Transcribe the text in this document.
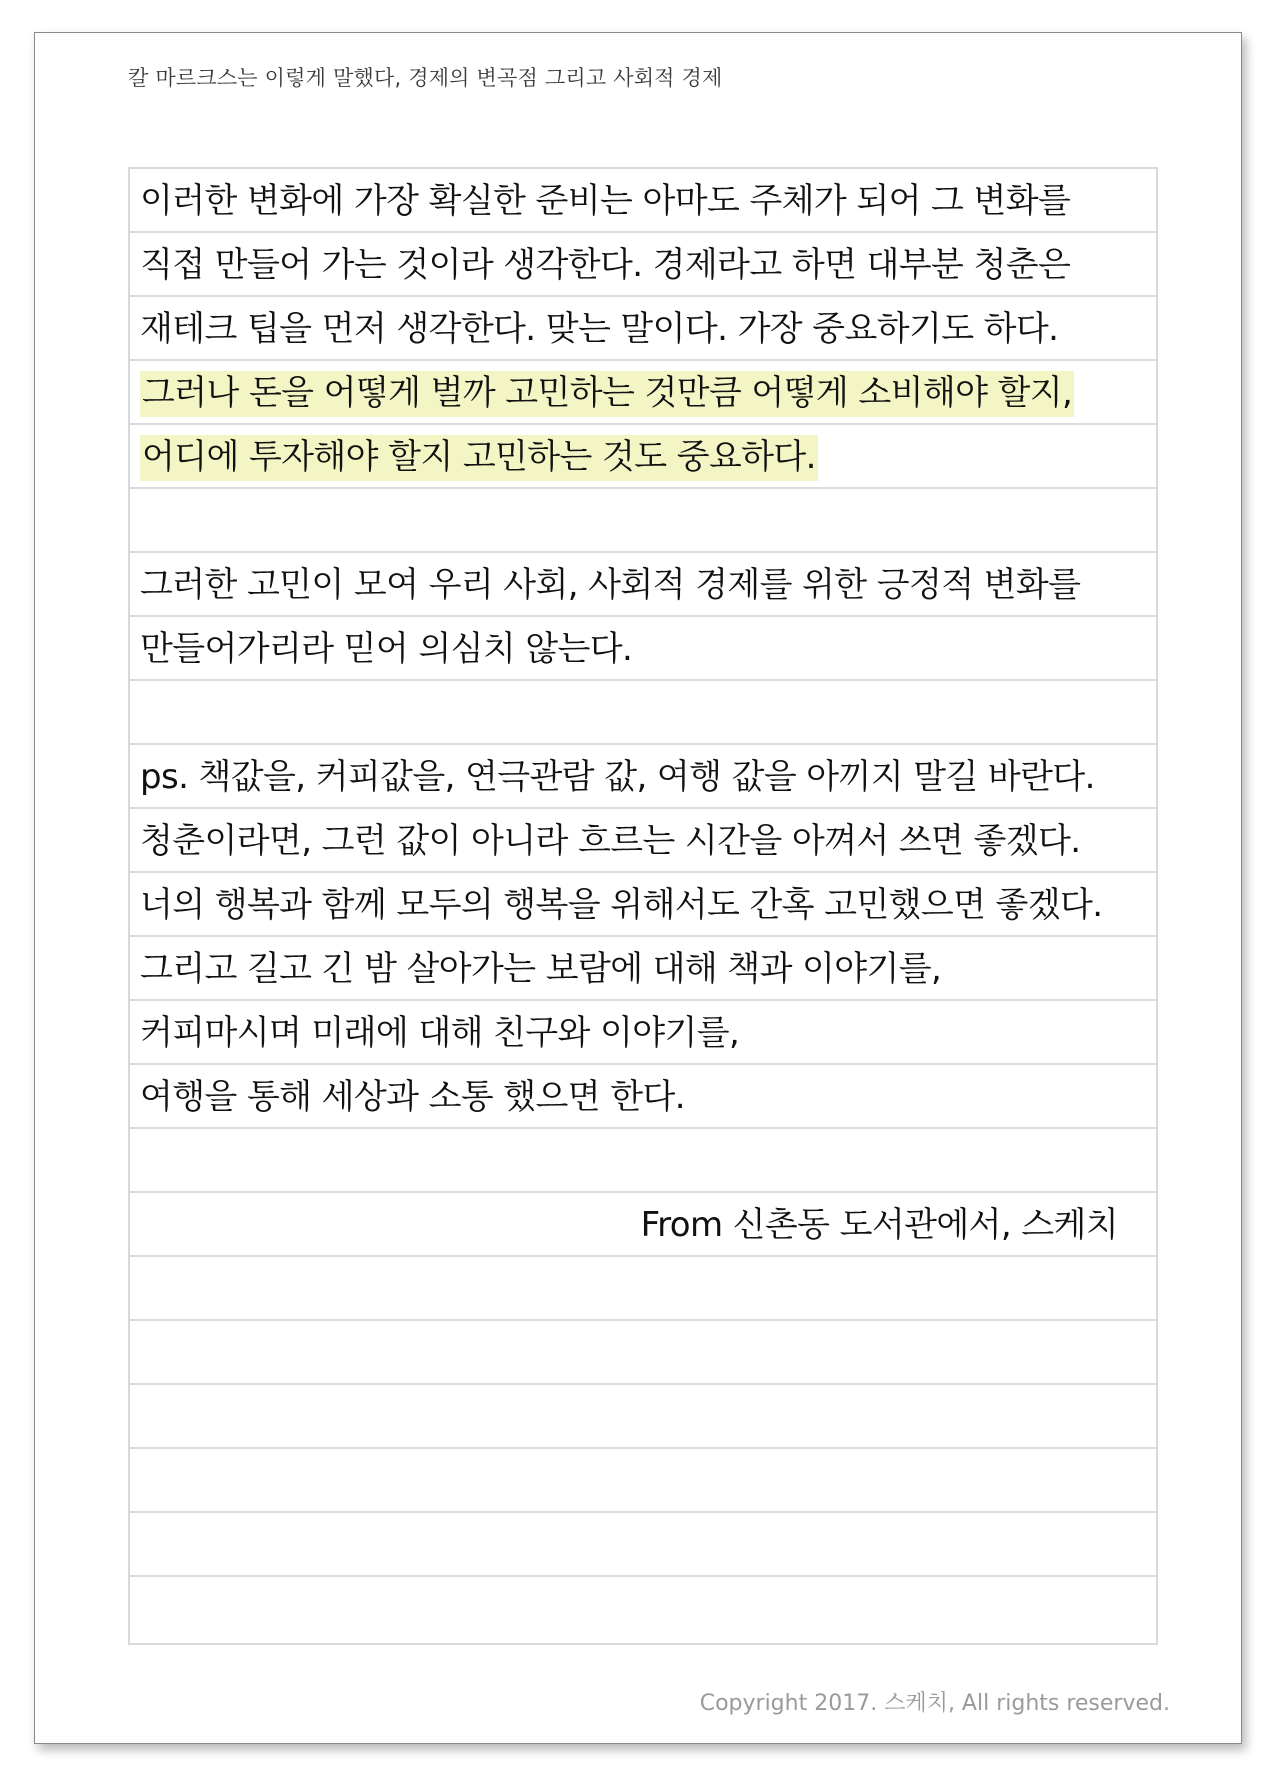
칼 마르크스는 이렇게 말했다, 경제의 변곡점 그리고 사회적 경제
이러한 변화에 가장 확실한 준비는 아마도 주체가 되어 그 변화를
직접 만들어 가는 것이라 생각한다. 경제라고 하면 대부분 청춘은
재테크 팁을 먼저 생각한다. 맞는 말이다. 가장 중요하기도 하다.
그러나 돈을 어떻게 벌까 고민하는 것만큼 어떻게 소비해야 할지,
어디에 투자해야 할지 고민하는 것도 중요하다.
그러한 고민이 모여 우리 사회, 사회적 경제를 위한 긍정적 변화를
만들어가리라 믿어 의심치 않는다.
ps. 책값을, 커피값을, 연극관람 값, 여행 값을 아끼지 말길 바란다.
청춘이라면, 그런 값이 아니라 흐르는 시간을 아껴서 쓰면 좋겠다.
너의 행복과 함께 모두의 행복을 위해서도 간혹 고민했으면 좋겠다.
그리고 길고 긴 밤 살아가는 보람에 대해 책과 이야기를,
커피마시며 미래에 대해 친구와 이야기를,
여행을 통해 세상과 소통 했으면 한다.
From 신촌동 도서관에서, 스케치
Copyright 2017. 스케치, All rights reserved.
